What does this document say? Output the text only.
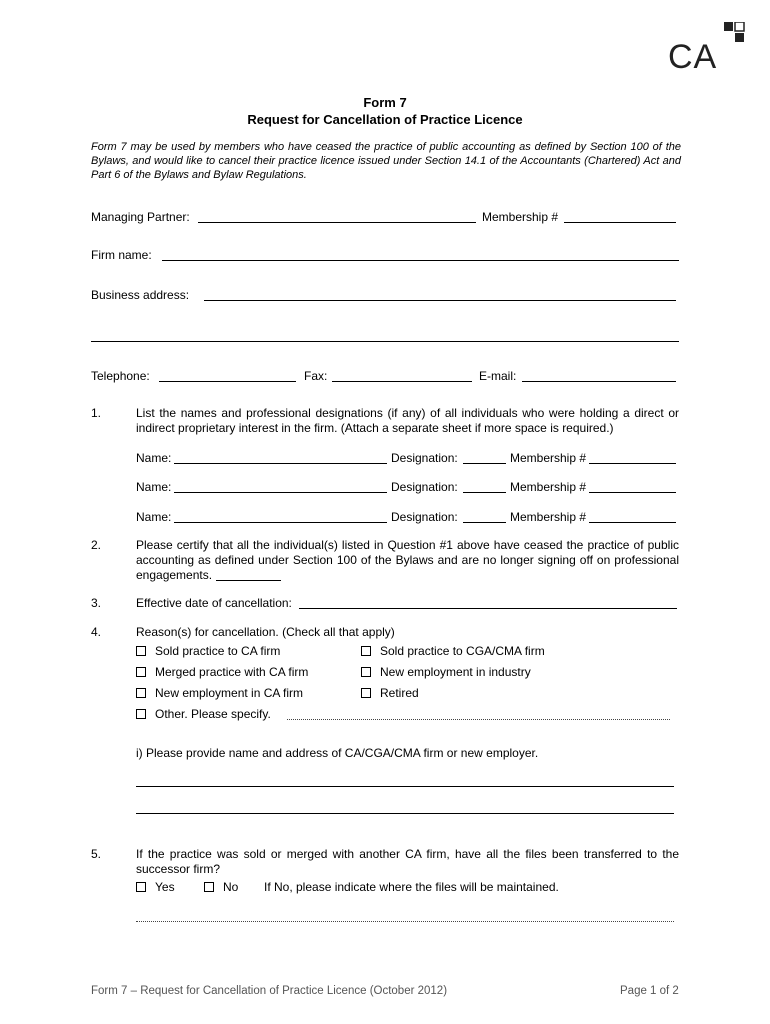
CA
Form 7
Request for Cancellation of Practice Licence
Form 7 may be used by members who have ceased the practice of public accounting as defined by Section 100 of the Bylaws, and would like to cancel their practice licence issued under Section 14.1 of the Accountants (Chartered) Act and Part 6 of the Bylaws and Bylaw Regulations.
Managing Partner:	Membership #
Firm name:
Business address:
Telephone:	Fax:	E-mail:
1.	List the names and professional designations (if any) of all individuals who were holding a direct or indirect proprietary interest in the firm. (Attach a separate sheet if more space is required.)
Name:	Designation:	Membership #
Name:	Designation:	Membership #
Name:	Designation:	Membership #
2.	Please certify that all the individual(s) listed in Question #1 above have ceased the practice of public accounting as defined under Section 100 of the Bylaws and are no longer signing off on professional engagements.
3.	Effective date of cancellation:
4.	Reason(s) for cancellation. (Check all that apply)
Sold practice to CA firm	Sold practice to CGA/CMA firm
Merged practice with CA firm	New employment in industry
New employment in CA firm	Retired
Other. Please specify.
i) Please provide name and address of CA/CGA/CMA firm or new employer.
5.	If the practice was sold or merged with another CA firm, have all the files been transferred to the successor firm?
Yes	No If No, please indicate where the files will be maintained.
Form 7 – Request for Cancellation of Practice Licence (October 2012)	Page 1 of 2
